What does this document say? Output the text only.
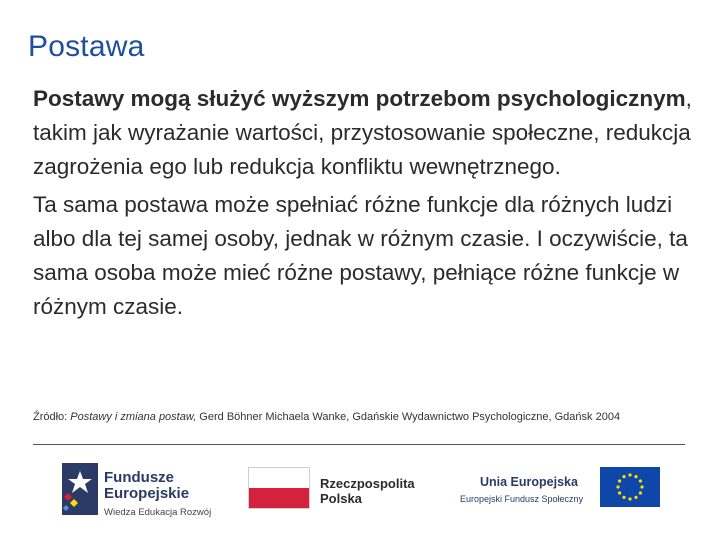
Postawa

Postawy mogą służyć wyższym potrzebom psychologicznym, takim jak wyrażanie wartości, przystosowanie społeczne, redukcja zagrożenia ego lub redukcja konfliktu wewnętrznego.

Ta sama postawa może spełniać różne funkcje dla różnych ludzi albo dla tej samej osoby, jednak w różnym czasie. I oczywiście, ta sama osoba może mieć różne postawy, pełniące różne funkcje w różnym czasie.

Źródło: Postawy i zmiana postaw, Gerd Böhner Michaela Wanke, Gdańskie Wydawnictwo Psychologiczne, Gdańsk 2004
Fundusze
Europejskie
Wiedza Edukacja Rozwój
Rzeczpospolita
Polska
Unia Europejska
Europejski Fundusz Społeczny
